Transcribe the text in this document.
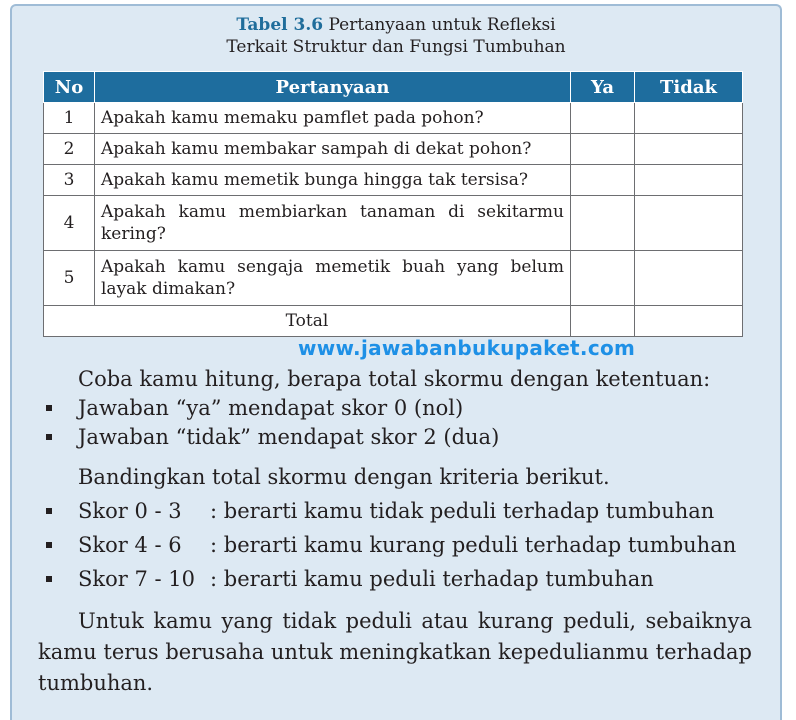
Tabel 3.6 Pertanyaan untuk Refleksi
Terkait Struktur dan Fungsi Tumbuhan
No	Pertanyaan	Ya	Tidak
1	Apakah kamu memaku pamflet pada pohon?		
2	Apakah kamu membakar sampah di dekat pohon?		
3	Apakah kamu memetik bunga hingga tak tersisa?		
4	Apakah kamu membiarkan tanaman di sekitarmu kering?		
5	Apakah kamu sengaja memetik buah yang belum layak dimakan?		
Total			
www.jawabanbukupaket.com
Coba kamu hitung, berapa total skormu dengan ketentuan:
Jawaban “ya” mendapat skor 0 (nol)
Jawaban “tidak” mendapat skor 2 (dua)
Bandingkan total skormu dengan kriteria berikut.
Skor 0 - 3 : berarti kamu tidak peduli terhadap tumbuhan
Skor 4 - 6 : berarti kamu kurang peduli terhadap tumbuhan
Skor 7 - 10 : berarti kamu peduli terhadap tumbuhan
Untuk kamu yang tidak peduli atau kurang peduli, sebaiknya kamu terus berusaha untuk meningkatkan kepedulianmu terhadap tumbuhan.
